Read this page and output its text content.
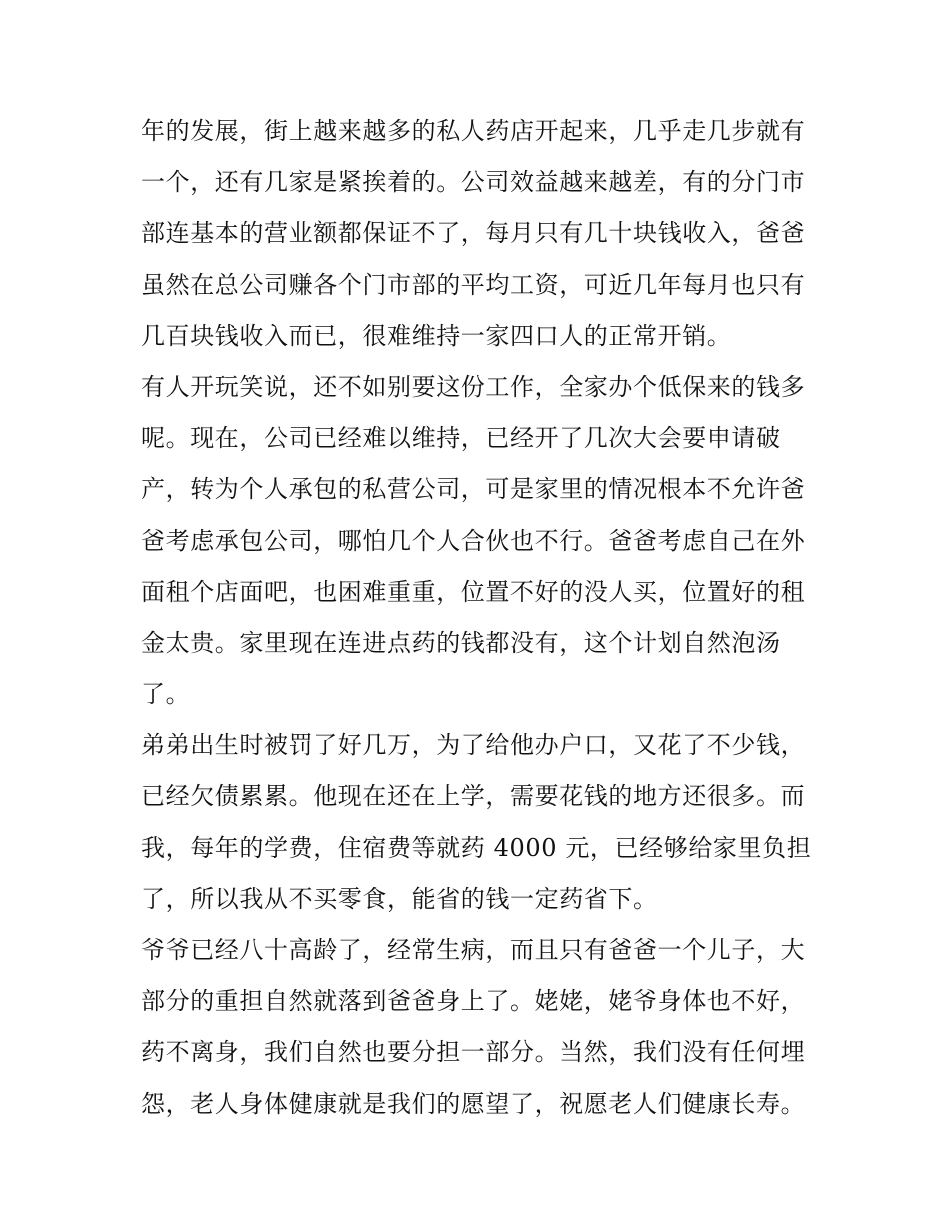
年的发展，街上越来越多的私人药店开起来，几乎走几步就有
一个，还有几家是紧挨着的。公司效益越来越差，有的分门市
部连基本的营业额都保证不了，每月只有几十块钱收入，爸爸
虽然在总公司赚各个门市部的平均工资，可近几年每月也只有
几百块钱收入而已，很难维持一家四口人的正常开销。
有人开玩笑说，还不如别要这份工作，全家办个低保来的钱多
呢。现在，公司已经难以维持，已经开了几次大会要申请破
产，转为个人承包的私营公司，可是家里的情况根本不允许爸
爸考虑承包公司，哪怕几个人合伙也不行。爸爸考虑自己在外
面租个店面吧，也困难重重，位置不好的没人买，位置好的租
金太贵。家里现在连进点药的钱都没有，这个计划自然泡汤
了。
弟弟出生时被罚了好几万，为了给他办户口，又花了不少钱，
已经欠债累累。他现在还在上学，需要花钱的地方还很多。而
我，每年的学费，住宿费等就药 4000 元，已经够给家里负担
了，所以我从不买零食，能省的钱一定药省下。
爷爷已经八十高龄了，经常生病，而且只有爸爸一个儿子，大
部分的重担自然就落到爸爸身上了。姥姥，姥爷身体也不好，
药不离身，我们自然也要分担一部分。当然，我们没有任何埋
怨，老人身体健康就是我们的愿望了，祝愿老人们健康长寿。
